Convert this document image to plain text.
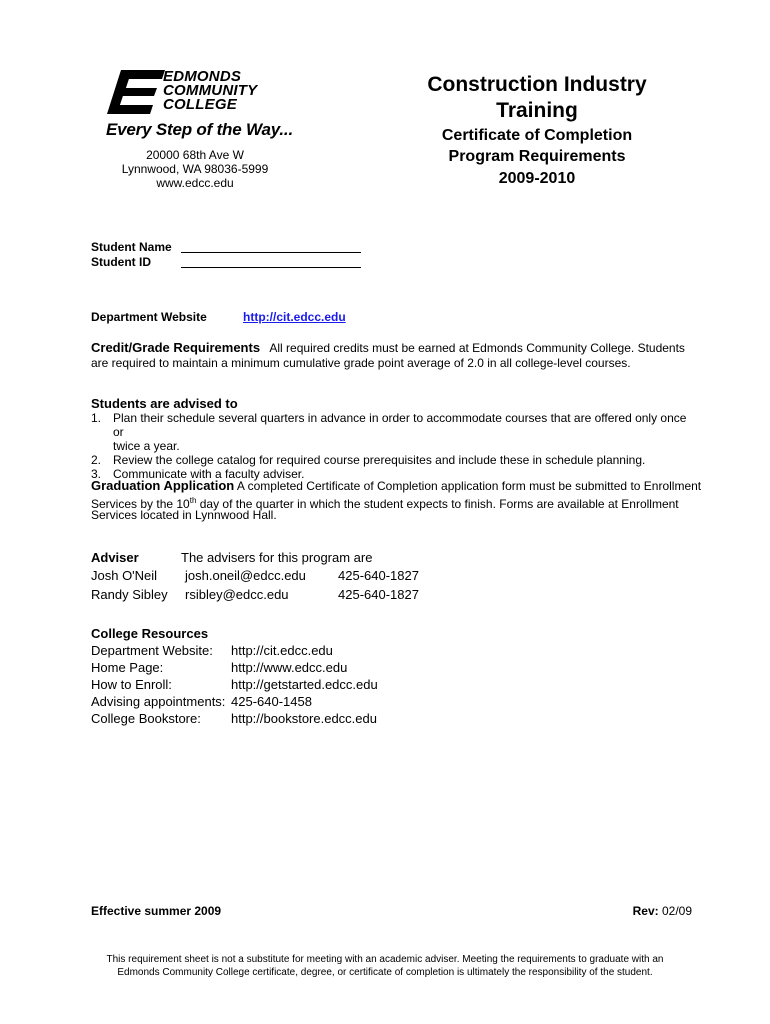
EDMONDS
COMMUNITY
COLLEGE
Every Step of the Way...
20000 68th Ave W
Lynnwood, WA 98036-5999
www.edcc.edu
Construction Industry
Training
Certificate of Completion
Program Requirements
2009-2010
Student Name
Student ID
Department Website	http://cit.edcc.edu
Credit/Grade Requirements All required credits must be earned at Edmonds Community College. Students
are required to maintain a minimum cumulative grade point average of 2.0 in all college-level courses.
Students are advised to
1. Plan their schedule several quarters in advance in order to accommodate courses that are offered only once or
twice a year.
2. Review the college catalog for required course prerequisites and include these in schedule planning.
3. Communicate with a faculty adviser.
Graduation Application A completed Certificate of Completion application form must be submitted to Enrollment
Services by the 10th day of the quarter in which the student expects to finish. Forms are available at Enrollment
Services located in Lynnwood Hall.
Adviser	The advisers for this program are
Josh O'Neil	josh.oneil@edcc.edu	425-640-1827
Randy Sibley	rsibley@edcc.edu	425-640-1827
College Resources
Department Website:	http://cit.edcc.edu
Home Page:	http://www.edcc.edu
How to Enroll:	http://getstarted.edcc.edu
Advising appointments:	425-640-1458
College Bookstore:	http://bookstore.edcc.edu
Effective summer 2009	Rev: 02/09
This requirement sheet is not a substitute for meeting with an academic adviser. Meeting the requirements to graduate with an
Edmonds Community College certificate, degree, or certificate of completion is ultimately the responsibility of the student.
